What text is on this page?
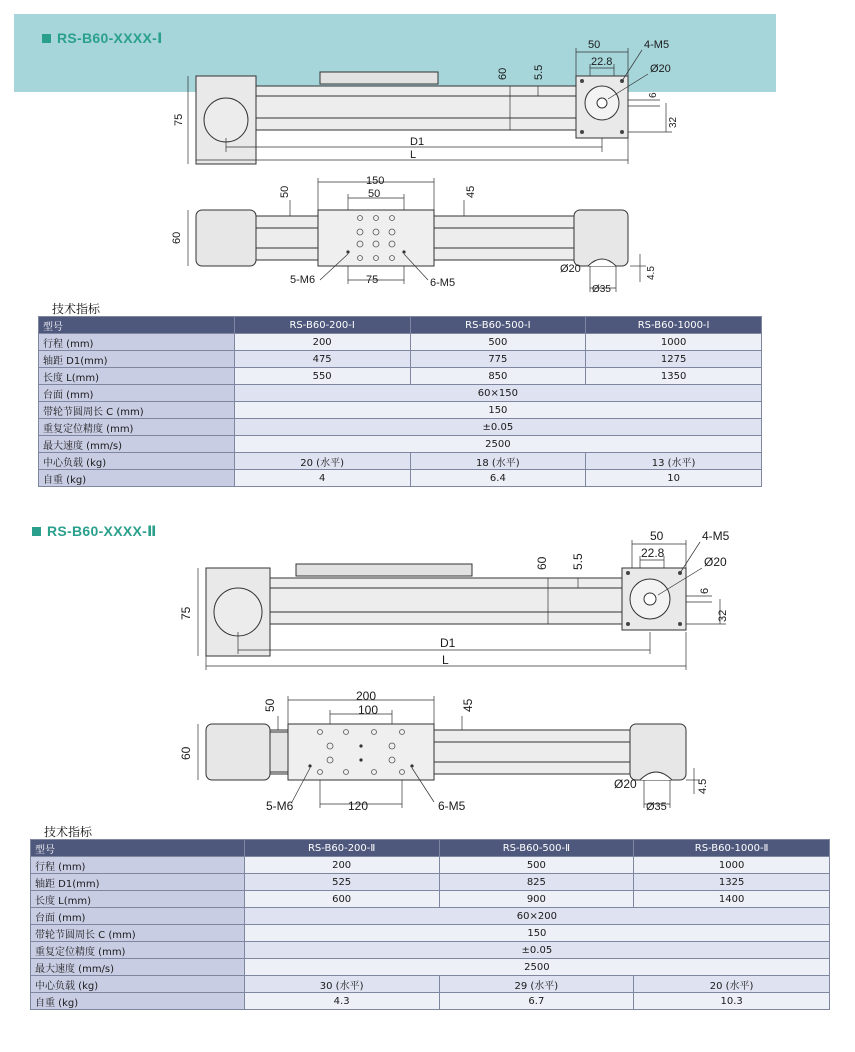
RS-B60-XXXX-Ⅰ	50	4-M5
22.8
Ø20
60 5.5
75
6
32
D1
L
150
50
50	45
60
5-M6	75	6-M5
Ø20
Ø35
4.5
技术指标
型号	RS-B60-200-Ⅰ	RS-B60-500-Ⅰ	RS-B60-1000-Ⅰ
行程 (mm)	200	500	1000
轴距 D1(mm)	475	775	1275
长度 L(mm)	550	850	1350
台面 (mm)	60×150		
带轮节圆周长 C (mm)	150		
重复定位精度 (mm)	±0.05		
最大速度 (mm/s)	2500		
中心负载 (kg)	20 (水平)	18 (水平)	13 (水平)
自重 (kg)	4	6.4	10
RS-B60-XXXX-Ⅱ	50	4-M5
22.8
Ø20
60 5.5
75
6
32
D1
L
200
100
50	45
60
5-M6	120	6-M5
Ø20
Ø35
4.5
技术指标
型号	RS-B60-200-Ⅱ	RS-B60-500-Ⅱ	RS-B60-1000-Ⅱ
行程 (mm)	200	500	1000
轴距 D1(mm)	525	825	1325
长度 L(mm)	600	900	1400
台面 (mm)	60×200		
带轮节圆周长 C (mm)	150		
重复定位精度 (mm)	±0.05		
最大速度 (mm/s)	2500		
中心负载 (kg)	30 (水平)	29 (水平)	20 (水平)
自重 (kg)	4.3	6.7	10.3
